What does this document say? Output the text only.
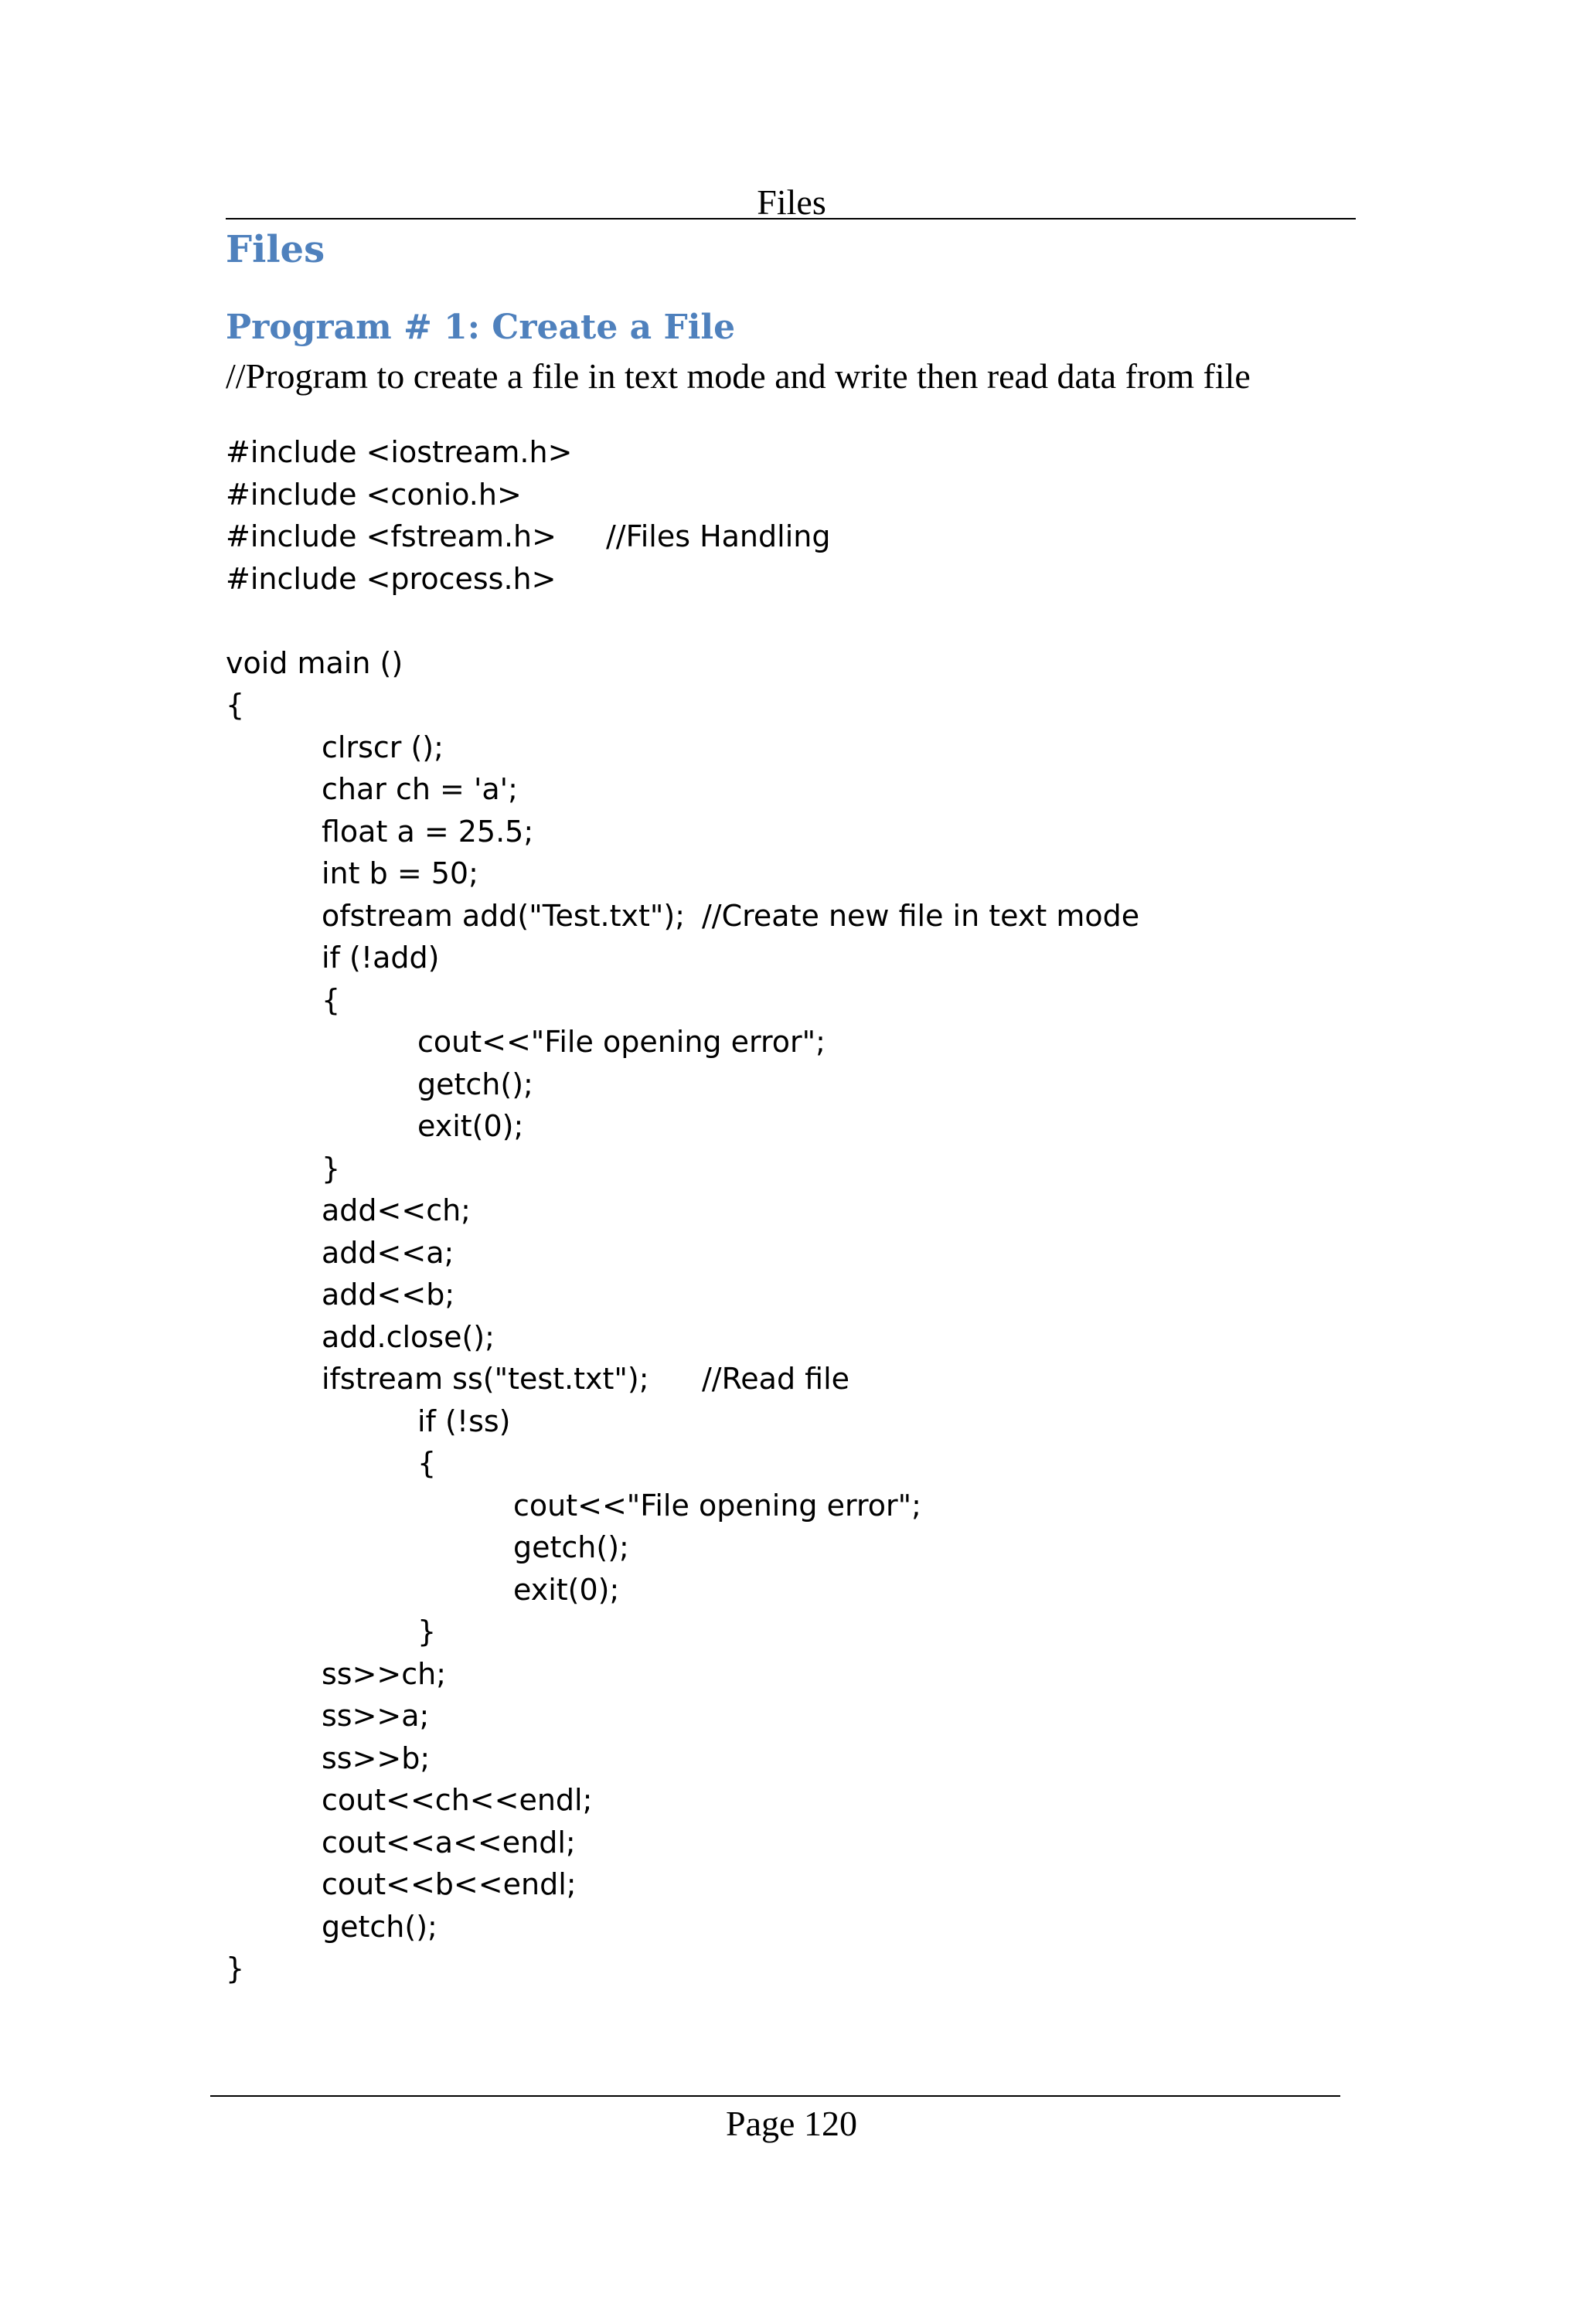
Files
Files
Program # 1: Create a File
//Program to create a file in text mode and write then read data from file
#include <iostream.h>
#include <conio.h>
#include <fstream.h> //Files Handling
#include <process.h>
void main ()
{
clrscr ();
char ch = 'a';
float a = 25.5;
int b = 50;
ofstream add("Test.txt"); //Create new file in text mode
if (!add)
{
cout<<"File opening error";
getch();
exit(0);
}
add<<ch;
add<<a;
add<<b;
add.close();
ifstream ss("test.txt"); //Read file
if (!ss)
{
cout<<"File opening error";
getch();
exit(0);
}
ss>>ch;
ss>>a;
ss>>b;
cout<<ch<<endl;
cout<<a<<endl;
cout<<b<<endl;
getch();
}
Page 120
